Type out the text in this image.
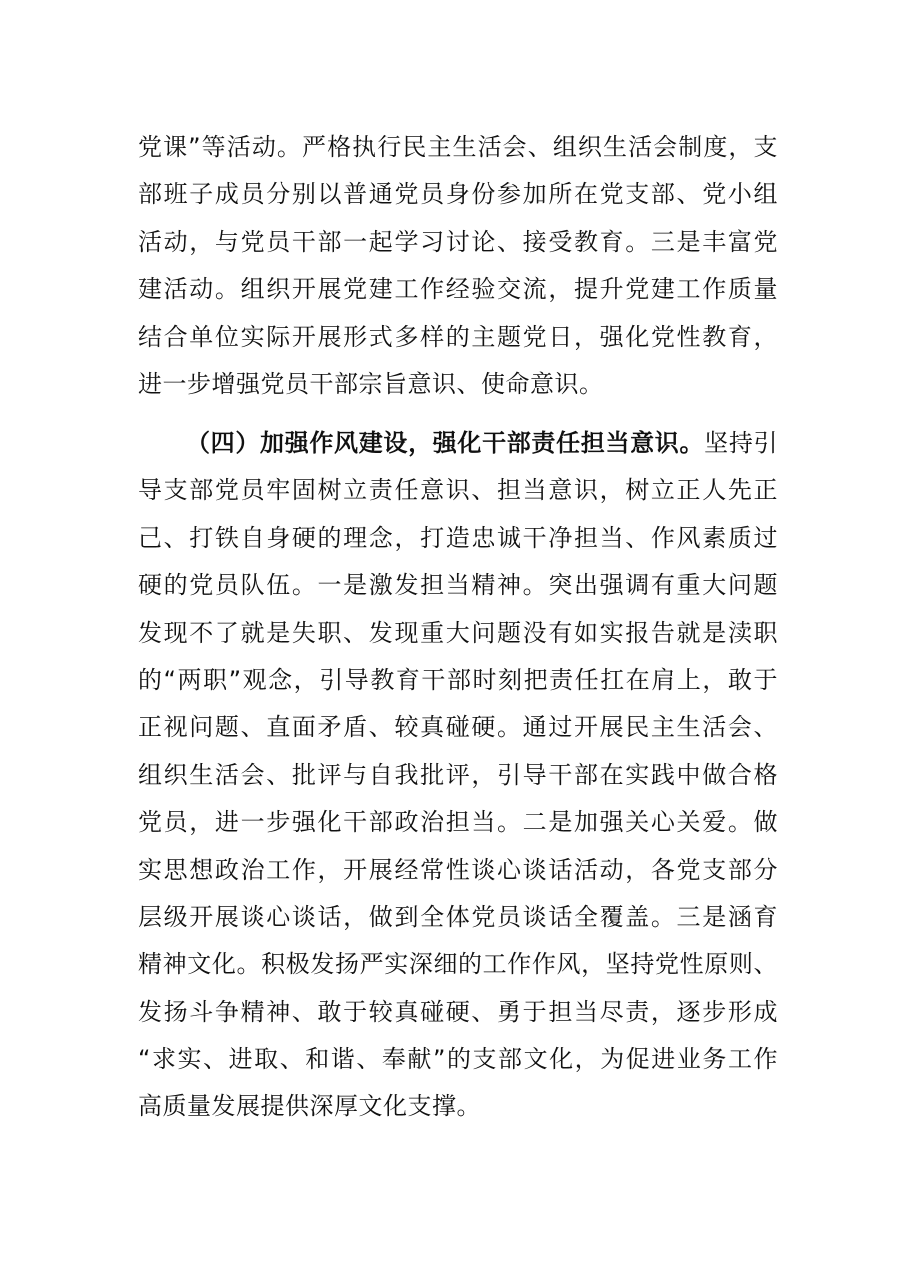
党课”等活动。严格执行民主生活会、组织生活会制度，支
部班子成员分别以普通党员身份参加所在党支部、党小组
活动，与党员干部一起学习讨论、接受教育。三是丰富党
建活动。组织开展党建工作经验交流，提升党建工作质量
结合单位实际开展形式多样的主题党日，强化党性教育，
进一步增强党员干部宗旨意识、使命意识。
（四）加强作风建设，强化干部责任担当意识。坚持引
导支部党员牢固树立责任意识、担当意识，树立正人先正
己、打铁自身硬的理念，打造忠诚干净担当、作风素质过
硬的党员队伍。一是激发担当精神。突出强调有重大问题
发现不了就是失职、发现重大问题没有如实报告就是渎职
的“两职”观念，引导教育干部时刻把责任扛在肩上，敢于
正视问题、直面矛盾、较真碰硬。通过开展民主生活会、
组织生活会、批评与自我批评，引导干部在实践中做合格
党员，进一步强化干部政治担当。二是加强关心关爱。做
实思想政治工作，开展经常性谈心谈话活动，各党支部分
层级开展谈心谈话，做到全体党员谈话全覆盖。三是涵育
精神文化。积极发扬严实深细的工作作风，坚持党性原则、
发扬斗争精神、敢于较真碰硬、勇于担当尽责，逐步形成
“求实、进取、和谐、奉献”的支部文化，为促进业务工作
高质量发展提供深厚文化支撑。
